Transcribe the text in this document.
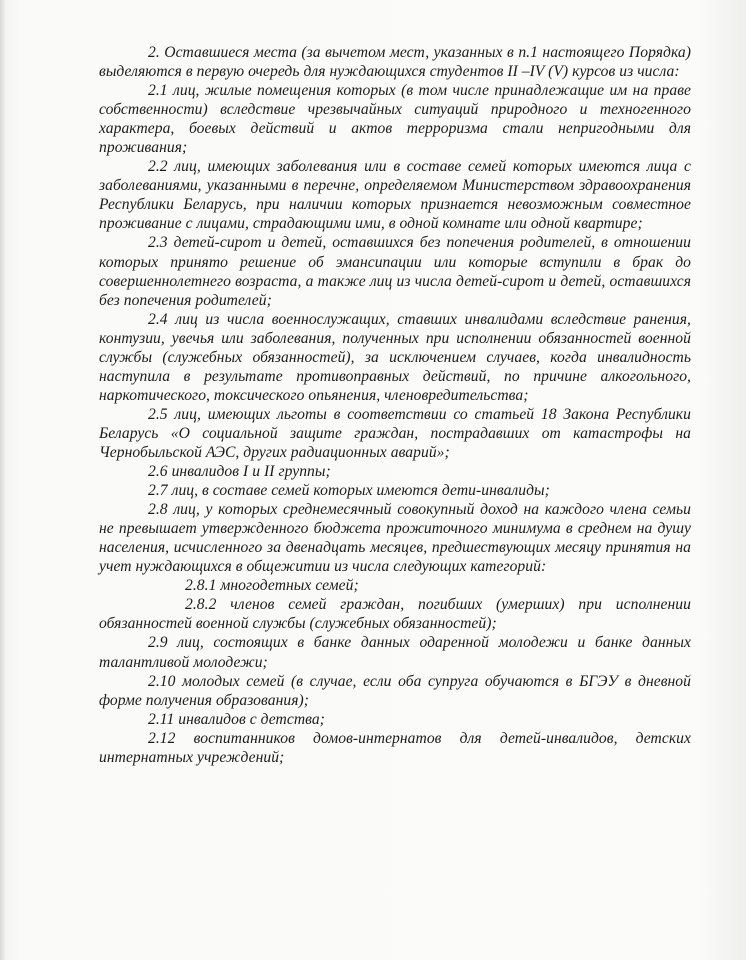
2. Оставшиеся места (за вычетом мест, указанных в п.1 настоящего Порядка) выделяются в первую очередь для нуждающихся студентов II –IV (V) курсов из числа:

2.1 лиц, жилые помещения которых (в том числе принадлежащие им на праве собственности) вследствие чрезвычайных ситуаций природного и техногенного характера, боевых действий и актов терроризма стали непригодными для проживания;

2.2 лиц, имеющих заболевания или в составе семей которых имеются лица с заболеваниями, указанными в перечне, определяемом Министерством здравоохранения Республики Беларусь, при наличии которых признается невозможным совместное проживание с лицами, страдающими ими, в одной комнате или одной квартире;

2.3 детей-сирот и детей, оставшихся без попечения родителей, в отношении которых принято решение об эмансипации или которые вступили в брак до совершеннолетнего возраста, а также лиц из числа детей-сирот и детей, оставшихся без попечения родителей;

2.4 лиц из числа военнослужащих, ставших инвалидами вследствие ранения, контузии, увечья или заболевания, полученных при исполнении обязанностей военной службы (служебных обязанностей), за исключением случаев, когда инвалидность наступила в результате противоправных действий, по причине алкогольного, наркотического, токсического опьянения, членовредительства;

2.5 лиц, имеющих льготы в соответствии со статьей 18 Закона Республики Беларусь «О социальной защите граждан, пострадавших от катастрофы на Чернобыльской АЭС, других радиационных аварий»;

2.6 инвалидов I и II группы;

2.7 лиц, в составе семей которых имеются дети-инвалиды;

2.8 лиц, у которых среднемесячный совокупный доход на каждого члена семьи не превышает утвержденного бюджета прожиточного минимума в среднем на душу населения, исчисленного за двенадцать месяцев, предшествующих месяцу принятия на учет нуждающихся в общежитии из числа следующих категорий:

2.8.1 многодетных семей;

2.8.2 членов семей граждан, погибших (умерших) при исполнении обязанностей военной службы (служебных обязанностей);

2.9 лиц, состоящих в банке данных одаренной молодежи и банке данных талантливой молодежи;

2.10 молодых семей (в случае, если оба супруга обучаются в БГЭУ в дневной форме получения образования);

2.11 инвалидов с детства;

2.12 воспитанников домов-интернатов для детей-инвалидов, детских интернатных учреждений;
